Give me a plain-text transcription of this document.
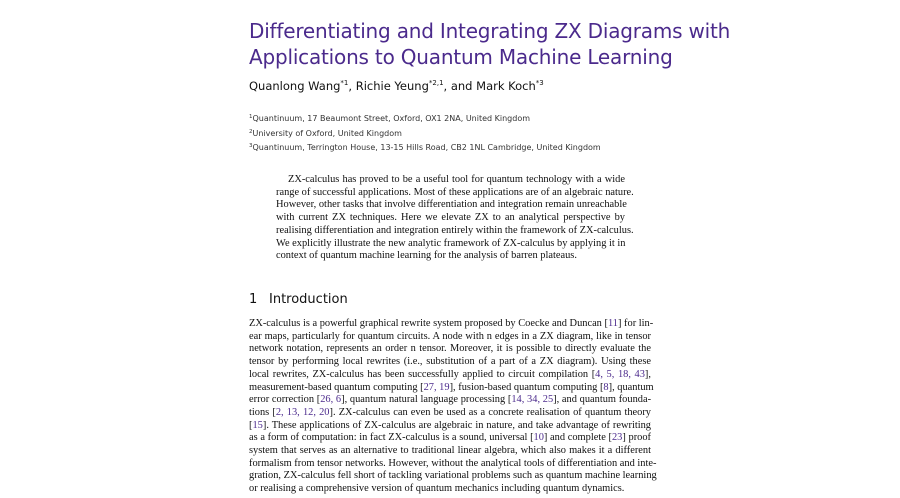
Differentiating and Integrating ZX Diagrams with
Applications to Quantum Machine Learning
Quanlong Wang$^{*1}$, Richie Yeung$^{*2,1}$, and Mark Koch$^{*3}$
$^1$Quantinuum, 17 Beaumont Street, Oxford, OX1 2NA, United Kingdom
$^2$University of Oxford, United Kingdom
$^3$Quantinuum, Terrington House, 13-15 Hills Road, CB2 1NL Cambridge, United Kingdom
ZX-calculus has proved to be a useful tool for quantum technology with a wide
range of successful applications. Most of these applications are of an algebraic nature.
However, other tasks that involve differentiation and integration remain unreachable
with current ZX techniques. Here we elevate ZX to an analytical perspective by
realising differentiation and integration entirely within the framework of ZX-calculus.
We explicitly illustrate the new analytic framework of ZX-calculus by applying it in
context of quantum machine learning for the analysis of barren plateaus.
1 Introduction
ZX-calculus is a powerful graphical rewrite system proposed by Coecke and Duncan [11] for lin-
ear maps, particularly for quantum circuits. A node with n edges in a ZX diagram, like in tensor
network notation, represents an order n tensor. Moreover, it is possible to directly evaluate the
tensor by performing local rewrites (i.e., substitution of a part of a ZX diagram). Using these
local rewrites, ZX-calculus has been successfully applied to circuit compilation [4, 5, 18, 43],
measurement-based quantum computing [27, 19], fusion-based quantum computing [8], quantum
error correction [26, 6], quantum natural language processing [14, 34, 25], and quantum founda-
tions [2, 13, 12, 20]. ZX-calculus can even be used as a concrete realisation of quantum theory
[15]. These applications of ZX-calculus are algebraic in nature, and take advantage of rewriting
as a form of computation: in fact ZX-calculus is a sound, universal [10] and complete [23] proof
system that serves as an alternative to traditional linear algebra, which also makes it a different
formalism from tensor networks. However, without the analytical tools of differentiation and inte-
gration, ZX-calculus fell short of tackling variational problems such as quantum machine learning
or realising a comprehensive version of quantum mechanics including quantum dynamics.
